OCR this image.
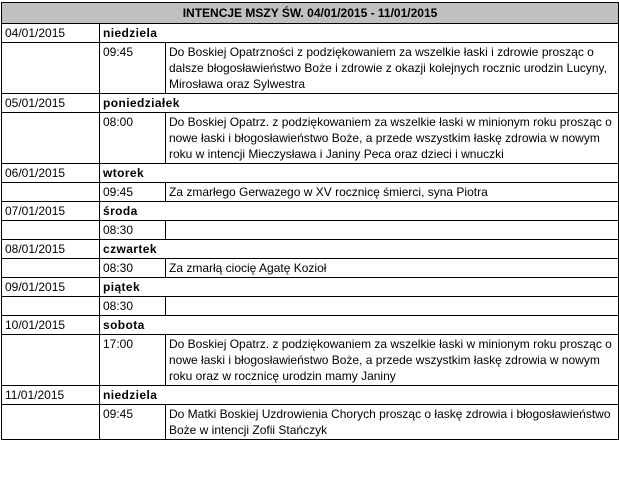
INTENCJE MSZY ŚW. 04/01/2015 - 11/01/2015		
04/01/2015	niedziela	
	09:45	Do Boskiej Opatrzności z podziękowaniem za wszelkie łaski i zdrowie prosząc o dalsze błogosławieństwo Boże i zdrowie z okazji kolejnych rocznic urodzin Lucyny, Mirosława oraz Sylwestra
05/01/2015	poniedziałek	
	08:00	Do Boskiej Opatrz. z podziękowaniem za wszelkie łaski w minionym roku prosząc o nowe łaski i błogosławieństwo Boże, a przede wszystkim łaskę zdrowia w nowym roku w intencji Mieczysława i Janiny Peca oraz dzieci i wnuczki
06/01/2015	wtorek	
	09:45	Za zmarłego Gerwazego w XV rocznicę śmierci, syna Piotra
07/01/2015	środa	
	08:30	
08/01/2015	czwartek	
	08:30	Za zmarłą ciocię Agatę Kozioł
09/01/2015	piątek	
	08:30	
10/01/2015	sobota	
	17:00	Do Boskiej Opatrz. z podziękowaniem za wszelkie łaski w minionym roku prosząc o nowe łaski i błogosławieństwo Boże, a przede wszystkim łaskę zdrowia w nowym roku oraz w rocznicę urodzin mamy Janiny
11/01/2015	niedziela	
	09:45	Do Matki Boskiej Uzdrowienia Chorych prosząc o łaskę zdrowia i błogosławieństwo Boże w intencji Zofii Stańczyk
